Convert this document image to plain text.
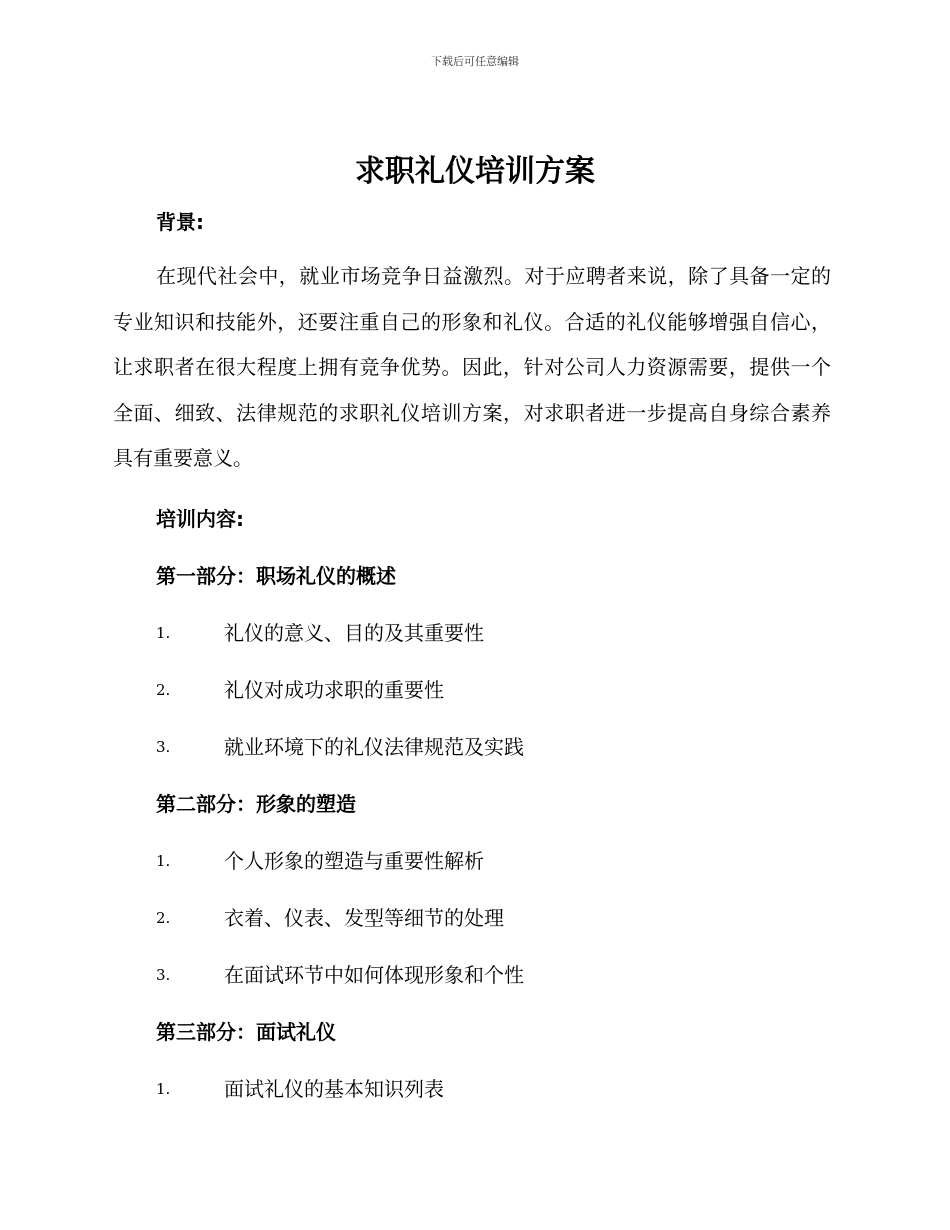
下载后可任意编辑
求职礼仪培训方案
背景:

在现代社会中，就业市场竞争日益激烈。对于应聘者来说，除了具备一定的专业知识和技能外，还要注重自己的形象和礼仪。合适的礼仪能够增强自信心，让求职者在很大程度上拥有竞争优势。因此，针对公司人力资源需要，提供一个全面、细致、法律规范的求职礼仪培训方案，对求职者进一步提高自身综合素养具有重要意义。

培训内容:
第一部分：职场礼仪的概述
1.	礼仪的意义、目的及其重要性
2.	礼仪对成功求职的重要性
3.	就业环境下的礼仪法律规范及实践
第二部分：形象的塑造
1.	个人形象的塑造与重要性解析
2.	衣着、仪表、发型等细节的处理
3.	在面试环节中如何体现形象和个性
第三部分：面试礼仪
1.	面试礼仪的基本知识列表
